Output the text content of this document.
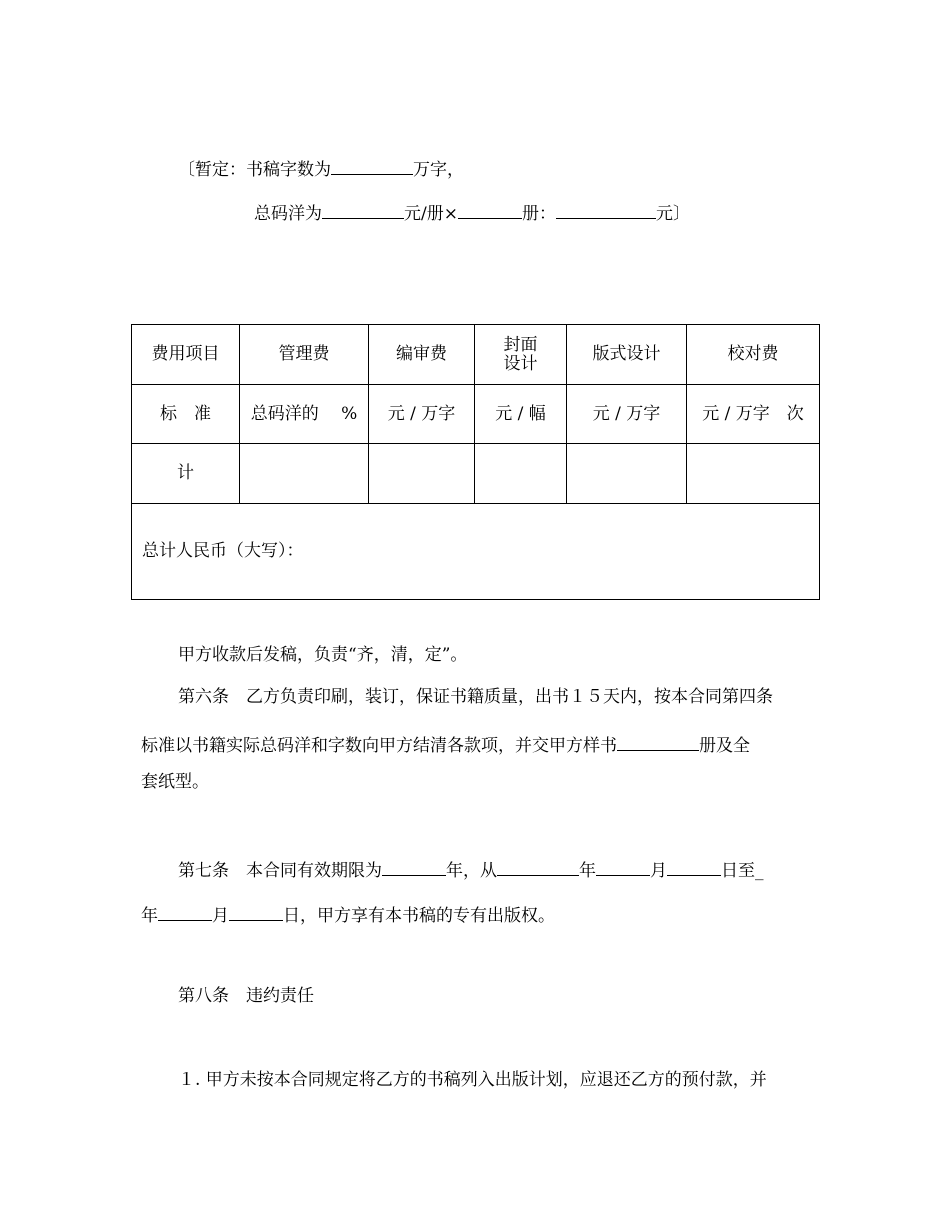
〔暂定：书稿字数为	万字，
总码洋为	元/册×	册：	元〕
费用项目	管理费	编审费	封面设计	版式设计	校对费
标　准	总码洋的　 %	元 / 万字	元 / 幅	元 / 万字	元 / 万字　次
计					
总计人民币（大写）：					
甲方收款后发稿，负责“齐，清，定”。
第六条　乙方负责印刷，装订，保证书籍质量，出书１５天内，按本合同第四条
标准以书籍实际总码洋和字数向甲方结清各款项，并交甲方样书	册及全
套纸型。
第七条　本合同有效期限为	年，从	年	月	日至_
年	月	日，甲方享有本书稿的专有出版权。
第八条　违约责任
１. 甲方未按本合同规定将乙方的书稿列入出版计划，应退还乙方的预付款，并
